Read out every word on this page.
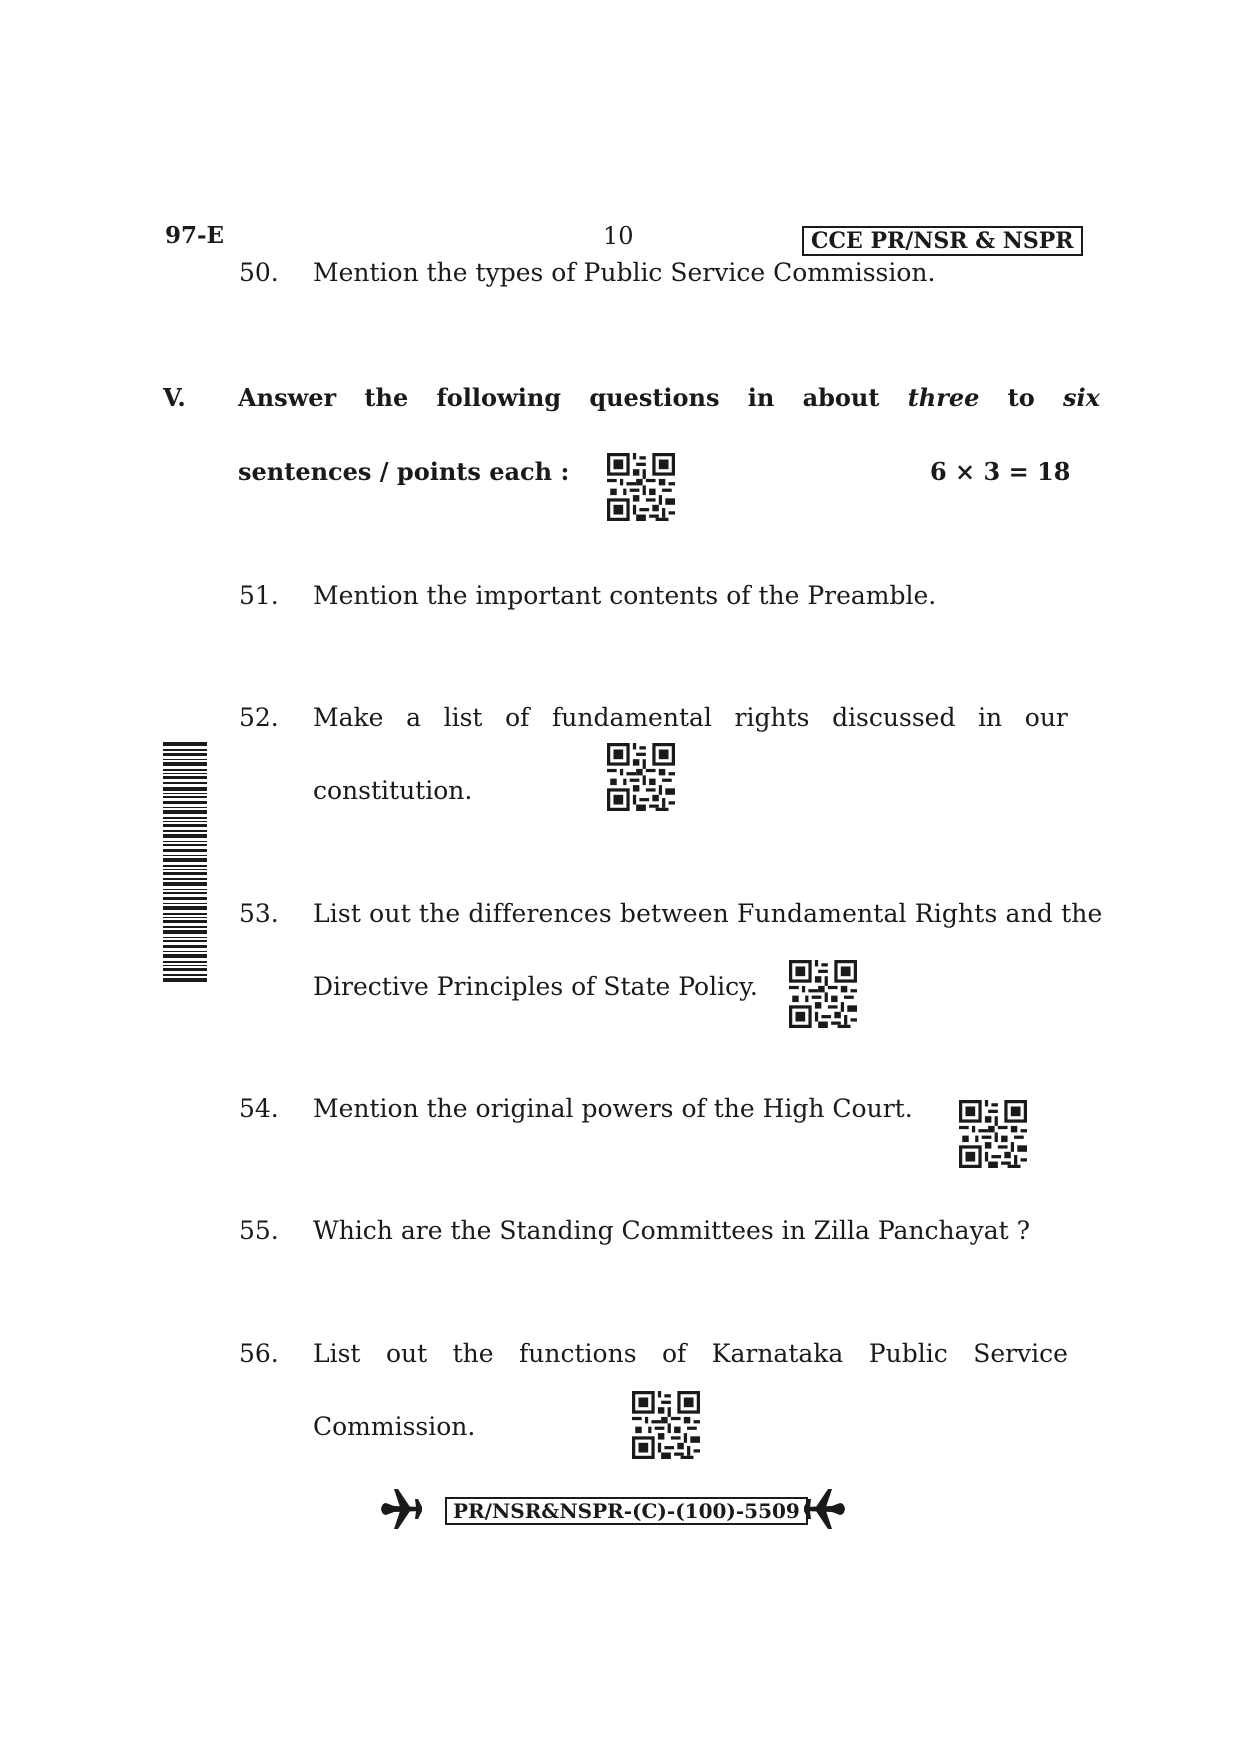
97-E	10	CCE PR/NSR & NSPR
50. Mention the types of Public Service Commission.
V. Answer the following questions in about three to six
sentences / points each :	6 × 3 = 18
51. Mention the important contents of the Preamble.
52. Make a list of fundamental rights discussed in our
constitution.
53. List out the differences between Fundamental Rights and the
Directive Principles of State Policy.
54. Mention the original powers of the High Court.
55. Which are the Standing Committees in Zilla Panchayat ?
56. List out the functions of Karnataka Public Service
Commission.
PR/NSR&NSPR-(C)-(100)-5509
